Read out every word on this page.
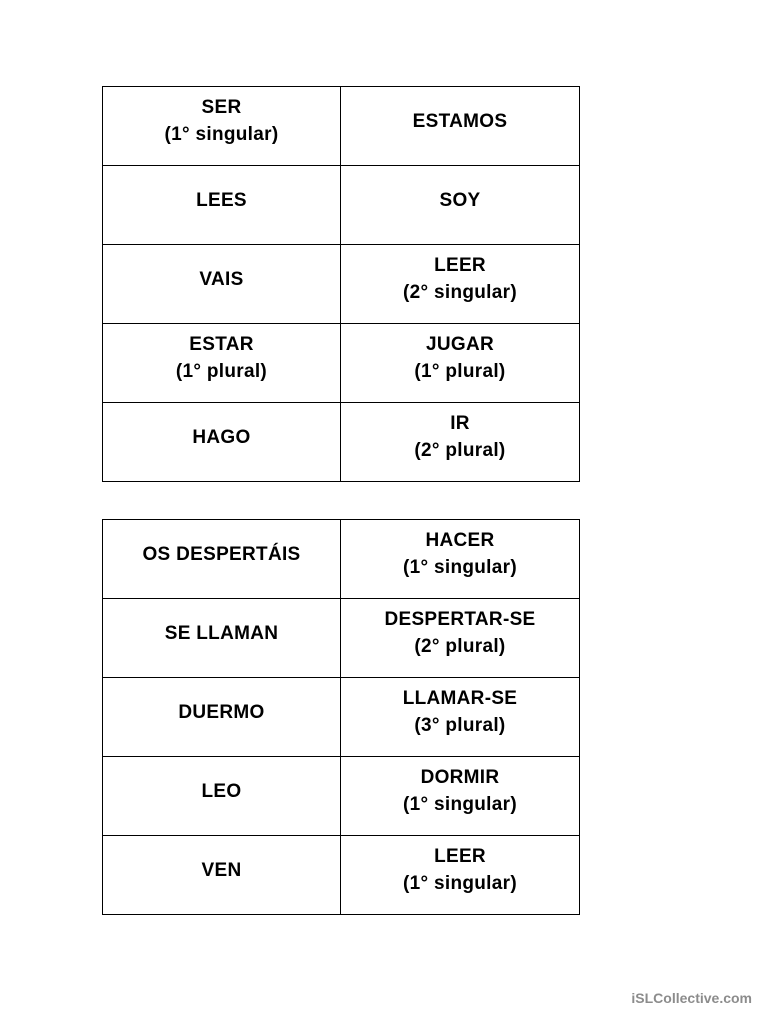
SER
(1° singular)	ESTAMOS

LEES	SOY

VAIS	LEER
(2° singular)

ESTAR
(1° plural)	JUGAR
(1° plural)

HAGO	IR
(2° plural)
OS DESPERTÁIS	HACER
(1° singular)

SE LLAMAN	DESPERTAR-SE
(2° plural)

DUERMO	LLAMAR-SE
(3° plural)

LEO	DORMIR
(1° singular)

VEN	LEER
(1° singular)
iSLCollective.com
